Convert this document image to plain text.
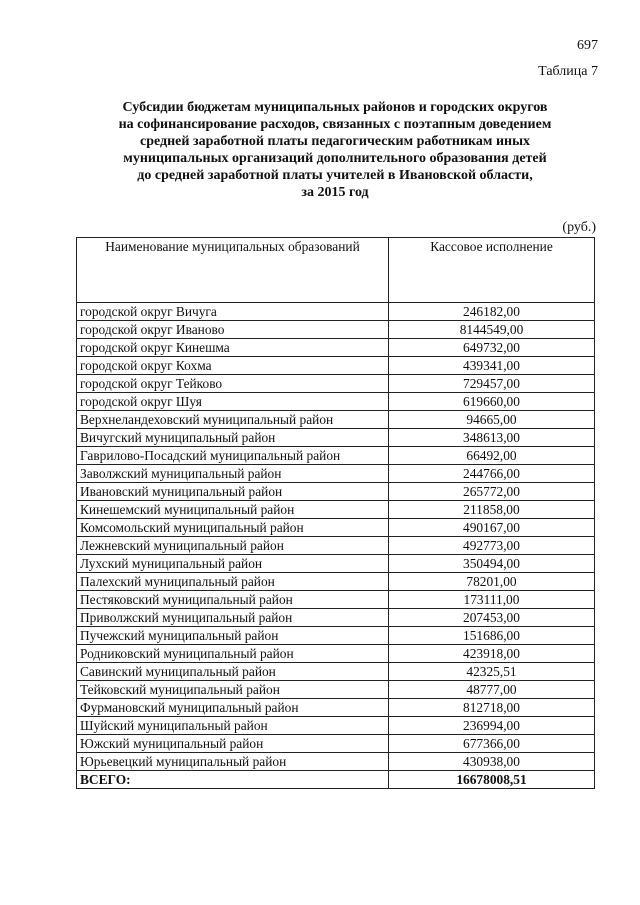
697
Таблица 7
Субсидии бюджетам муниципальных районов и городских округов
на софинансирование расходов, связанных с поэтапным доведением
средней заработной платы педагогическим работникам иных
муниципальных организаций дополнительного образования детей
до средней заработной платы учителей в Ивановской области,
за 2015 год
(руб.)
Наименование муниципальных образований	Кассовое исполнение
городской округ Вичуга	246182,00
городской округ Иваново	8144549,00
городской округ Кинешма	649732,00
городской округ Кохма	439341,00
городской округ Тейково	729457,00
городской округ Шуя	619660,00
Верхнеландеховский муниципальный район	94665,00
Вичугский муниципальный район	348613,00
Гаврилово-Посадский муниципальный район	66492,00
Заволжский муниципальный район	244766,00
Ивановский муниципальный район	265772,00
Кинешемский муниципальный район	211858,00
Комсомольский муниципальный район	490167,00
Лежневский муниципальный район	492773,00
Лухский муниципальный район	350494,00
Палехский муниципальный район	78201,00
Пестяковский муниципальный район	173111,00
Приволжский муниципальный район	207453,00
Пучежский муниципальный район	151686,00
Родниковский муниципальный район	423918,00
Савинский муниципальный район	42325,51
Тейковский муниципальный район	48777,00
Фурмановский муниципальный район	812718,00
Шуйский муниципальный район	236994,00
Южский муниципальный район	677366,00
Юрьевецкий муниципальный район	430938,00
ВСЕГО:	16678008,51
